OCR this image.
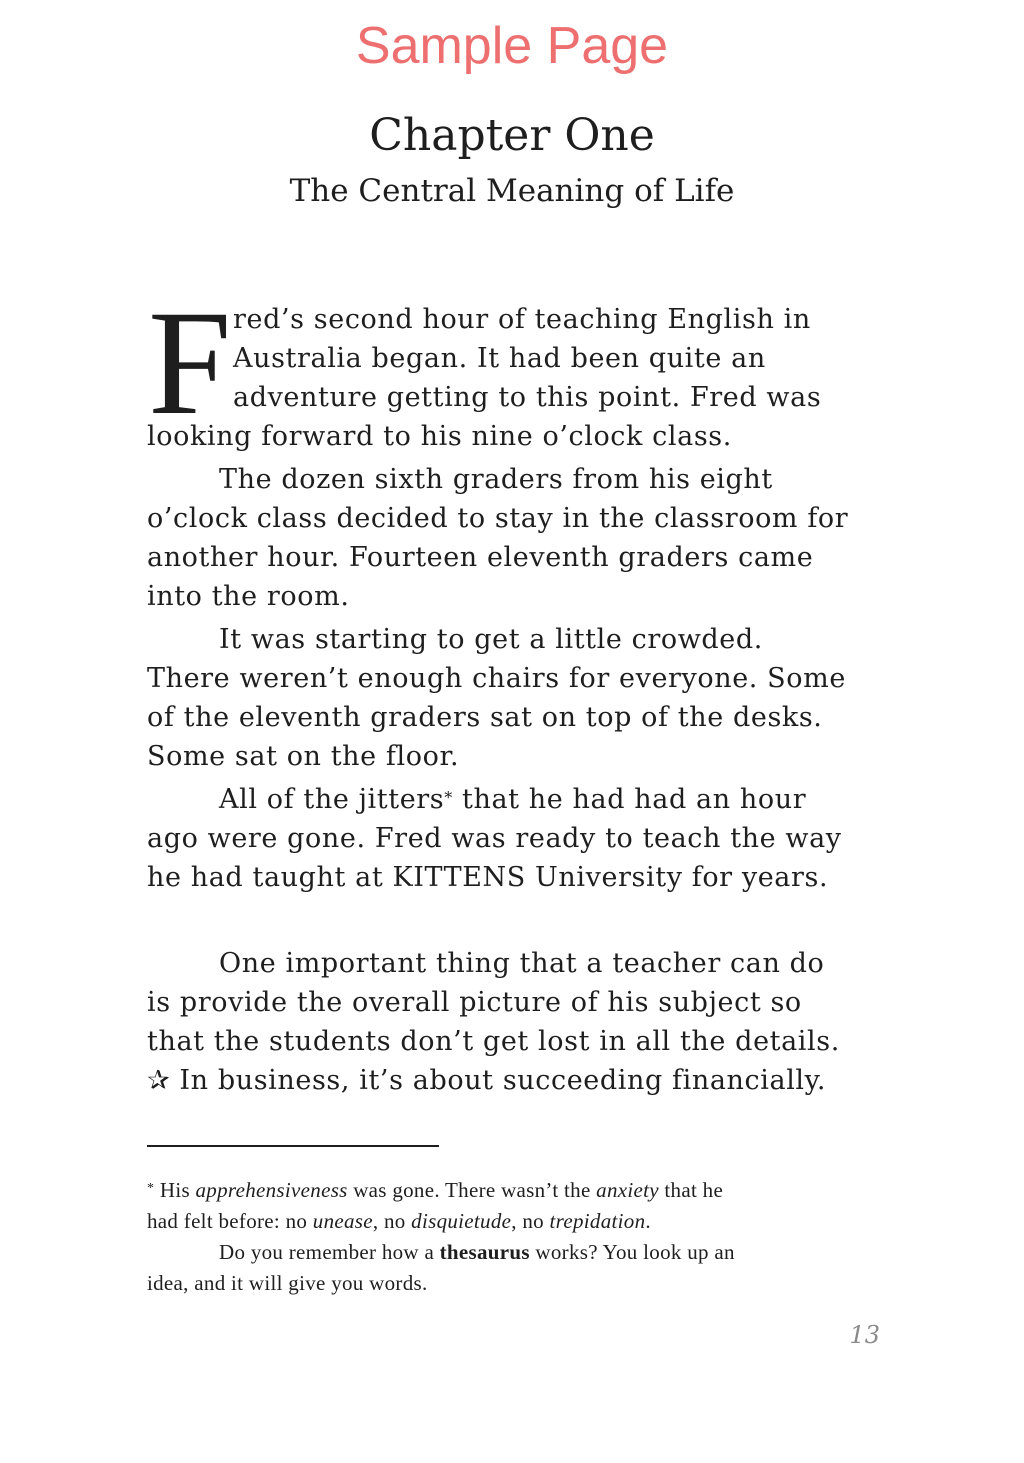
Sample Page
Chapter One
The Central Meaning of Life
F red’s second hour of teaching English in
Australia began. It had been quite an
adventure getting to this point. Fred was
looking forward to his nine o’clock class.
The dozen sixth graders from his eight
o’clock class decided to stay in the classroom for
another hour. Fourteen eleventh graders came
into the room.
It was starting to get a little crowded.
There weren’t enough chairs for everyone. Some
of the eleventh graders sat on top of the desks.
Some sat on the floor.
All of the jitters* that he had had an hour
ago were gone. Fred was ready to teach the way
he had taught at KITTENS University for years.
One important thing that a teacher can do
is provide the overall picture of his subject so
that the students don’t get lost in all the details.
✰ In business, it’s about succeeding financially.
* His apprehensiveness was gone. There wasn’t the anxiety that he
had felt before: no unease, no disquietude, no trepidation.
Do you remember how a thesaurus works? You look up an
idea, and it will give you words.
13
